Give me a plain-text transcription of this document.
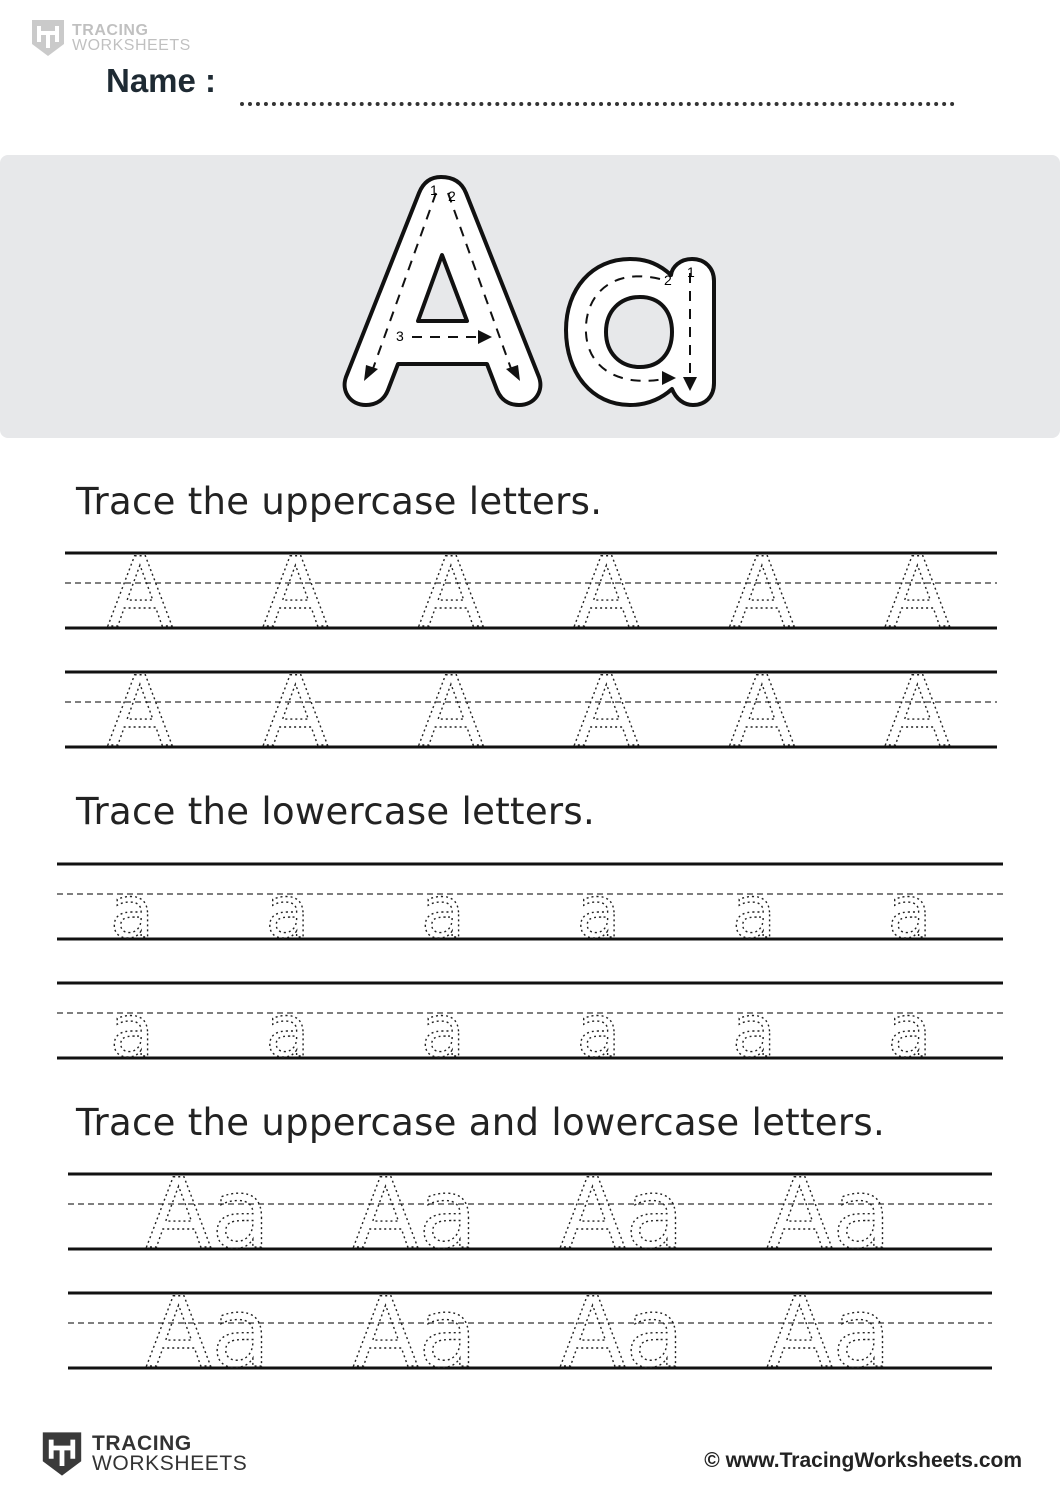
TRACING
WORKSHEETS
Name :
1 2
3
1
2
Trace the uppercase letters.
Trace the lowercase letters.
Trace the uppercase and lowercase letters.
A A A A A A
A A A A A A
a a a a a a
a a a a a a
Aa Aa Aa Aa
Aa Aa Aa Aa
TRACING
WORKSHEETS	© www.TracingWorksheets.com
